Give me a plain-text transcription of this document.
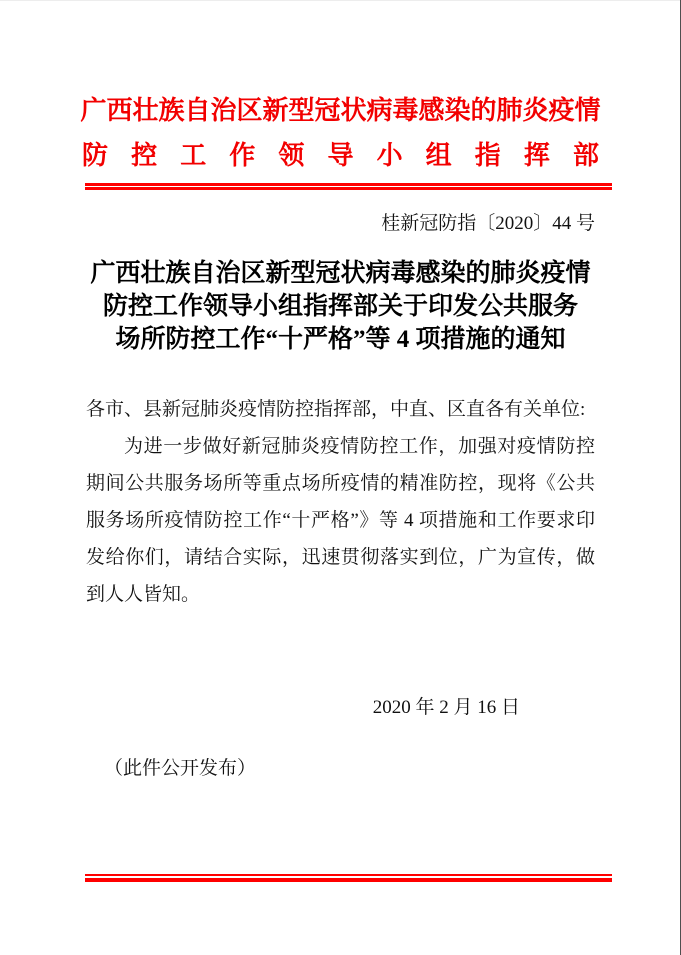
广西壮族自治区新型冠状病毒感染的肺炎疫情
防 控 工 作 领 导 小 组 指 挥 部
桂新冠防指〔2020〕44 号
广西壮族自治区新型冠状病毒感染的肺炎疫情
防控工作领导小组指挥部关于印发公共服务
场所防控工作“十严格”等 4 项措施的通知
各市、县新冠肺炎疫情防控指挥部，中直、区直各有关单位:
为进一步做好新冠肺炎疫情防控工作，加强对疫情防控期间公共服务场所等重点场所疫情的精准防控，现将《公共服务场所疫情防控工作“十严格”》等 4 项措施和工作要求印发给你们，请结合实际，迅速贯彻落实到位，广为宣传，做到人人皆知。
2020 年 2 月 16 日
（此件公开发布）
